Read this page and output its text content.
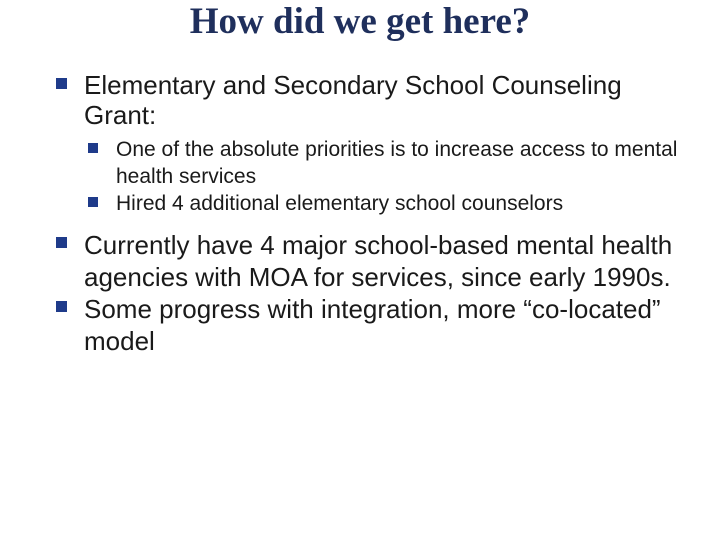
How did we get here?
Elementary and Secondary School Counseling Grant:
One of the absolute priorities is to increase access to mental health services
Hired 4 additional elementary school counselors
Currently have 4 major school-based mental health agencies with MOA for services, since early 1990s.
Some progress with integration, more “co-located” model
